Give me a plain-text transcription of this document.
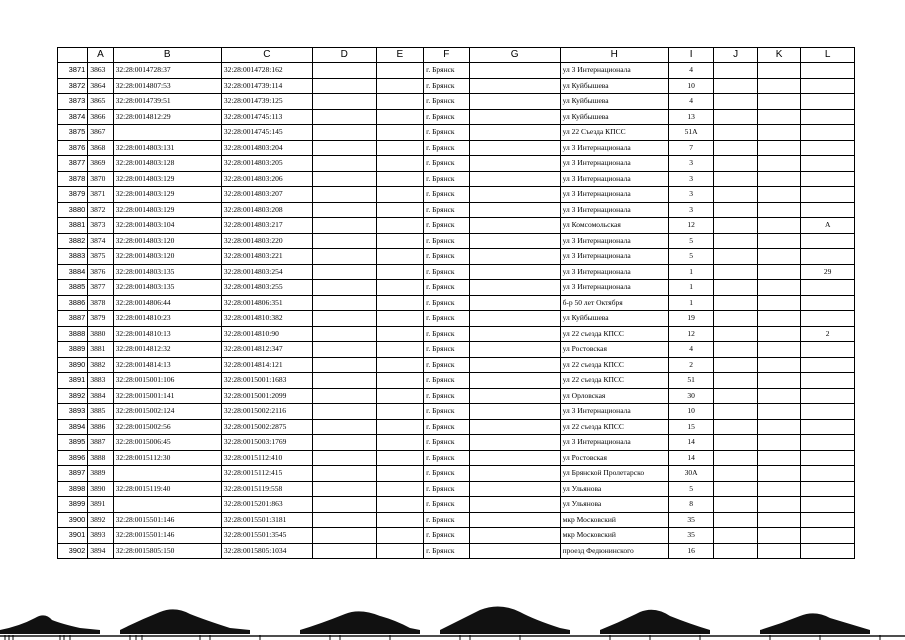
	A	B	C	D	E	F	G	H	I	J	K	L
3871	3863	32:28:0014728:37	32:28:0014728:162			г. Брянск		ул 3 Интернационала	4			
3872	3864	32:28:0014807:53	32:28:0014739:114			г. Брянск		ул Куйбышева	10			
3873	3865	32:28:0014739:51	32:28:0014739:125			г. Брянск		ул Куйбышева	4			
3874	3866	32:28:0014812:29	32:28:0014745:113			г. Брянск		ул Куйбышева	13			
3875	3867		32:28:0014745:145			г. Брянск		ул 22 Съезда КПСС	51А			
3876	3868	32:28:0014803:131	32:28:0014803:204			г. Брянск		ул 3 Интернационала	7			
3877	3869	32:28:0014803:128	32:28:0014803:205			г. Брянск		ул 3 Интернационала	3			
3878	3870	32:28:0014803:129	32:28:0014803:206			г. Брянск		ул 3 Интернационала	3			
3879	3871	32:28:0014803:129	32:28:0014803:207			г. Брянск		ул 3 Интернационала	3			
3880	3872	32:28:0014803:129	32:28:0014803:208			г. Брянск		ул 3 Интернационала	3			
3881	3873	32:28:0014803:104	32:28:0014803:217			г. Брянск		ул Комсомольская	12			А
3882	3874	32:28:0014803:120	32:28:0014803:220			г. Брянск		ул 3 Интернационала	5			
3883	3875	32:28:0014803:120	32:28:0014803:221			г. Брянск		ул 3 Интернационала	5			
3884	3876	32:28:0014803:135	32:28:0014803:254			г. Брянск		ул 3 Интернационала	1			29
3885	3877	32:28:0014803:135	32:28:0014803:255			г. Брянск		ул 3 Интернационала	1			
3886	3878	32:28:0014806:44	32:28:0014806:351			г. Брянск		б-р 50 лет Октября	1			
3887	3879	32:28:0014810:23	32:28:0014810:382			г. Брянск		ул Куйбышева	19			
3888	3880	32:28:0014810:13	32:28:0014810:90			г. Брянск		ул 22 съезда КПСС	12			2
3889	3881	32:28:0014812:32	32:28:0014812:347			г. Брянск		ул Ростовская	4			
3890	3882	32:28:0014814:13	32:28:0014814:121			г. Брянск		ул 22 съезда КПСС	2			
3891	3883	32:28:0015001:106	32:28:0015001:1683			г. Брянск		ул 22 съезда КПСС	51			
3892	3884	32:28:0015001:141	32:28:0015001:2099			г. Брянск		ул Орловская	30			
3893	3885	32:28:0015002:124	32:28:0015002:2116			г. Брянск		ул 3 Интернационала	10			
3894	3886	32:28:0015002:56	32:28:0015002:2875			г. Брянск		ул 22 съезда КПСС	15			
3895	3887	32:28:0015006:45	32:28:0015003:1769			г. Брянск		ул 3 Интернационала	14			
3896	3888	32:28:0015112:30	32:28:0015112:410			г. Брянск		ул Ростовская	14			
3897	3889		32:28:0015112:415			г. Брянск		ул Брянской Пролетарско	30А			
3898	3890	32:28:0015119:40	32:28:0015119:558			г. Брянск		ул Ульянова	5			
3899	3891		32:28:0015201:863			г. Брянск		ул Ульянова	8			
3900	3892	32:28:0015501:146	32:28:0015501:3181			г. Брянск		мкр Московский	35			
3901	3893	32:28:0015501:146	32:28:0015501:3545			г. Брянск		мкр Московский	35			
3902	3894	32:28:0015805:150	32:28:0015805:1034			г. Брянск		проезд Федюнинского	16			
